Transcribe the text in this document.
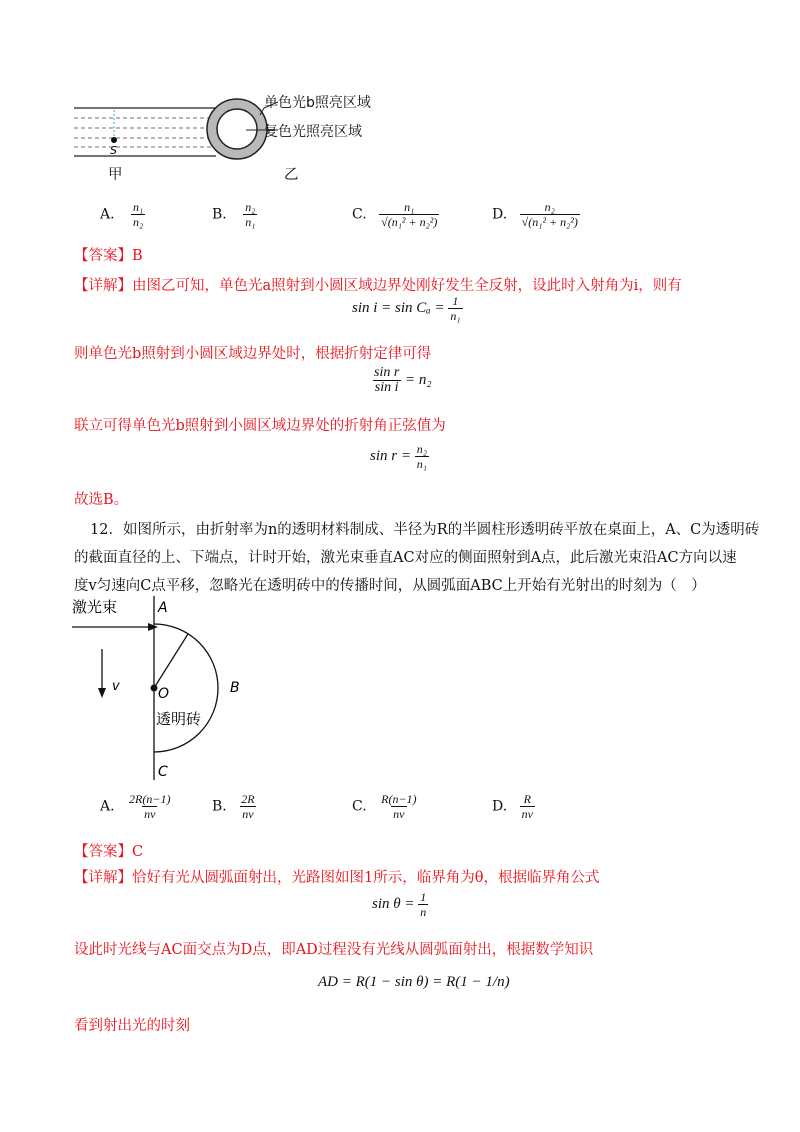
S
单色光b照亮区域
复色光照亮区域
甲	乙
A. $\frac{\text{n₁}}{\text{n₂}}$	B. $\frac{\text{n₂}}{\text{n₁}}$	C. $\frac{\text{n₁}}{\text{√(n₁² + n₂²)}}$	D. $\frac{\text{n₂}}{\text{√(n₁² + n₂²)}}$
【答案】B
【详解】由图乙可知，单色光a照射到小圆区域边界处刚好发生全反射，设此时入射角为i，则有
$\sin i = \sin C_a = \frac{1}{\text{n₁}}$
则单色光b照射到小圆区域边界处时，根据折射定律可得
$\frac{\text{sin r}}{\text{sin i}} = n_2$
联立可得单色光b照射到小圆区域边界处的折射角正弦值为
$\sin r = \frac{\text{n₂}}{\text{n₁}}$
故选B。
12．如图所示，由折射率为n的透明材料制成、半径为R的半圆柱形透明砖平放在桌面上，A、C为透明砖
的截面直径的上、下端点，计时开始，激光束垂直AC对应的侧面照射到A点，此后激光束沿AC方向以速
度v匀速向C点平移，忽略光在透明砖中的传播时间，从圆弧面ABC上开始有光射出的时刻为（　）
激光束	A
B
C
O
v
透明砖
A. $\frac{2R(n-1)}{nv}$	B. $\frac{2R}{nv}$	C. $\frac{R(n-1)}{nv}$	D. $\frac{R}{nv}$
【答案】C
【详解】恰好有光从圆弧面射出，光路图如图1所示，临界角为θ，根据临界角公式
$\sin \theta = \frac{1}{n}$
设此时光线与AC面交点为D点，即AD过程没有光线从圆弧面射出，根据数学知识
AD = R(1 − sin θ) = R(1 − 1/n)
看到射出光的时刻
